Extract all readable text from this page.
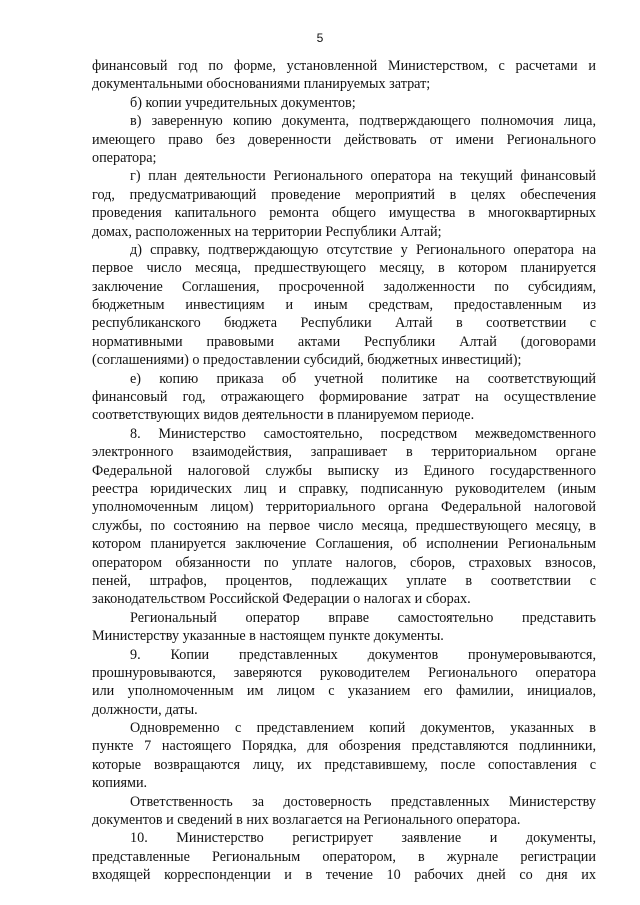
5
финансовый год по форме, установленной Министерством, с расчетами и
документальными обоснованиями планируемых затрат;
б) копии учредительных документов;
в) заверенную копию документа, подтверждающего полномочия лица,
имеющего право без доверенности действовать от имени Регионального
оператора;
г) план деятельности Регионального оператора на текущий финансовый
год, предусматривающий проведение мероприятий в целях обеспечения
проведения капитального ремонта общего имущества в многоквартирных
домах, расположенных на территории Республики Алтай;
д) справку, подтверждающую отсутствие у Регионального оператора на
первое число месяца, предшествующего месяцу, в котором планируется
заключение Соглашения, просроченной задолженности по субсидиям,
бюджетным инвестициям и иным средствам, предоставленным из
республиканского бюджета Республики Алтай в соответствии с
нормативными правовыми актами Республики Алтай (договорами
(соглашениями) о предоставлении субсидий, бюджетных инвестиций);
е) копию приказа об учетной политике на соответствующий
финансовый год, отражающего формирование затрат на осуществление
соответствующих видов деятельности в планируемом периоде.
8. Министерство самостоятельно, посредством межведомственного
электронного взаимодействия, запрашивает в территориальном органе
Федеральной налоговой службы выписку из Единого государственного
реестра юридических лиц и справку, подписанную руководителем (иным
уполномоченным лицом) территориального органа Федеральной налоговой
службы, по состоянию на первое число месяца, предшествующего месяцу, в
котором планируется заключение Соглашения, об исполнении Региональным
оператором обязанности по уплате налогов, сборов, страховых взносов,
пеней, штрафов, процентов, подлежащих уплате в соответствии с
законодательством Российской Федерации о налогах и сборах.
Региональный оператор вправе самостоятельно представить
Министерству указанные в настоящем пункте документы.
9. Копии представленных документов пронумеровываются,
прошнуровываются, заверяются руководителем Регионального оператора
или уполномоченным им лицом с указанием его фамилии, инициалов,
должности, даты.
Одновременно с представлением копий документов, указанных в
пункте 7 настоящего Порядка, для обозрения представляются подлинники,
которые возвращаются лицу, их представившему, после сопоставления с
копиями.
Ответственность за достоверность представленных Министерству
документов и сведений в них возлагается на Регионального оператора.
10. Министерство регистрирует заявление и документы,
представленные Региональным оператором, в журнале регистрации
входящей корреспонденции и в течение 10 рабочих дней со дня их
